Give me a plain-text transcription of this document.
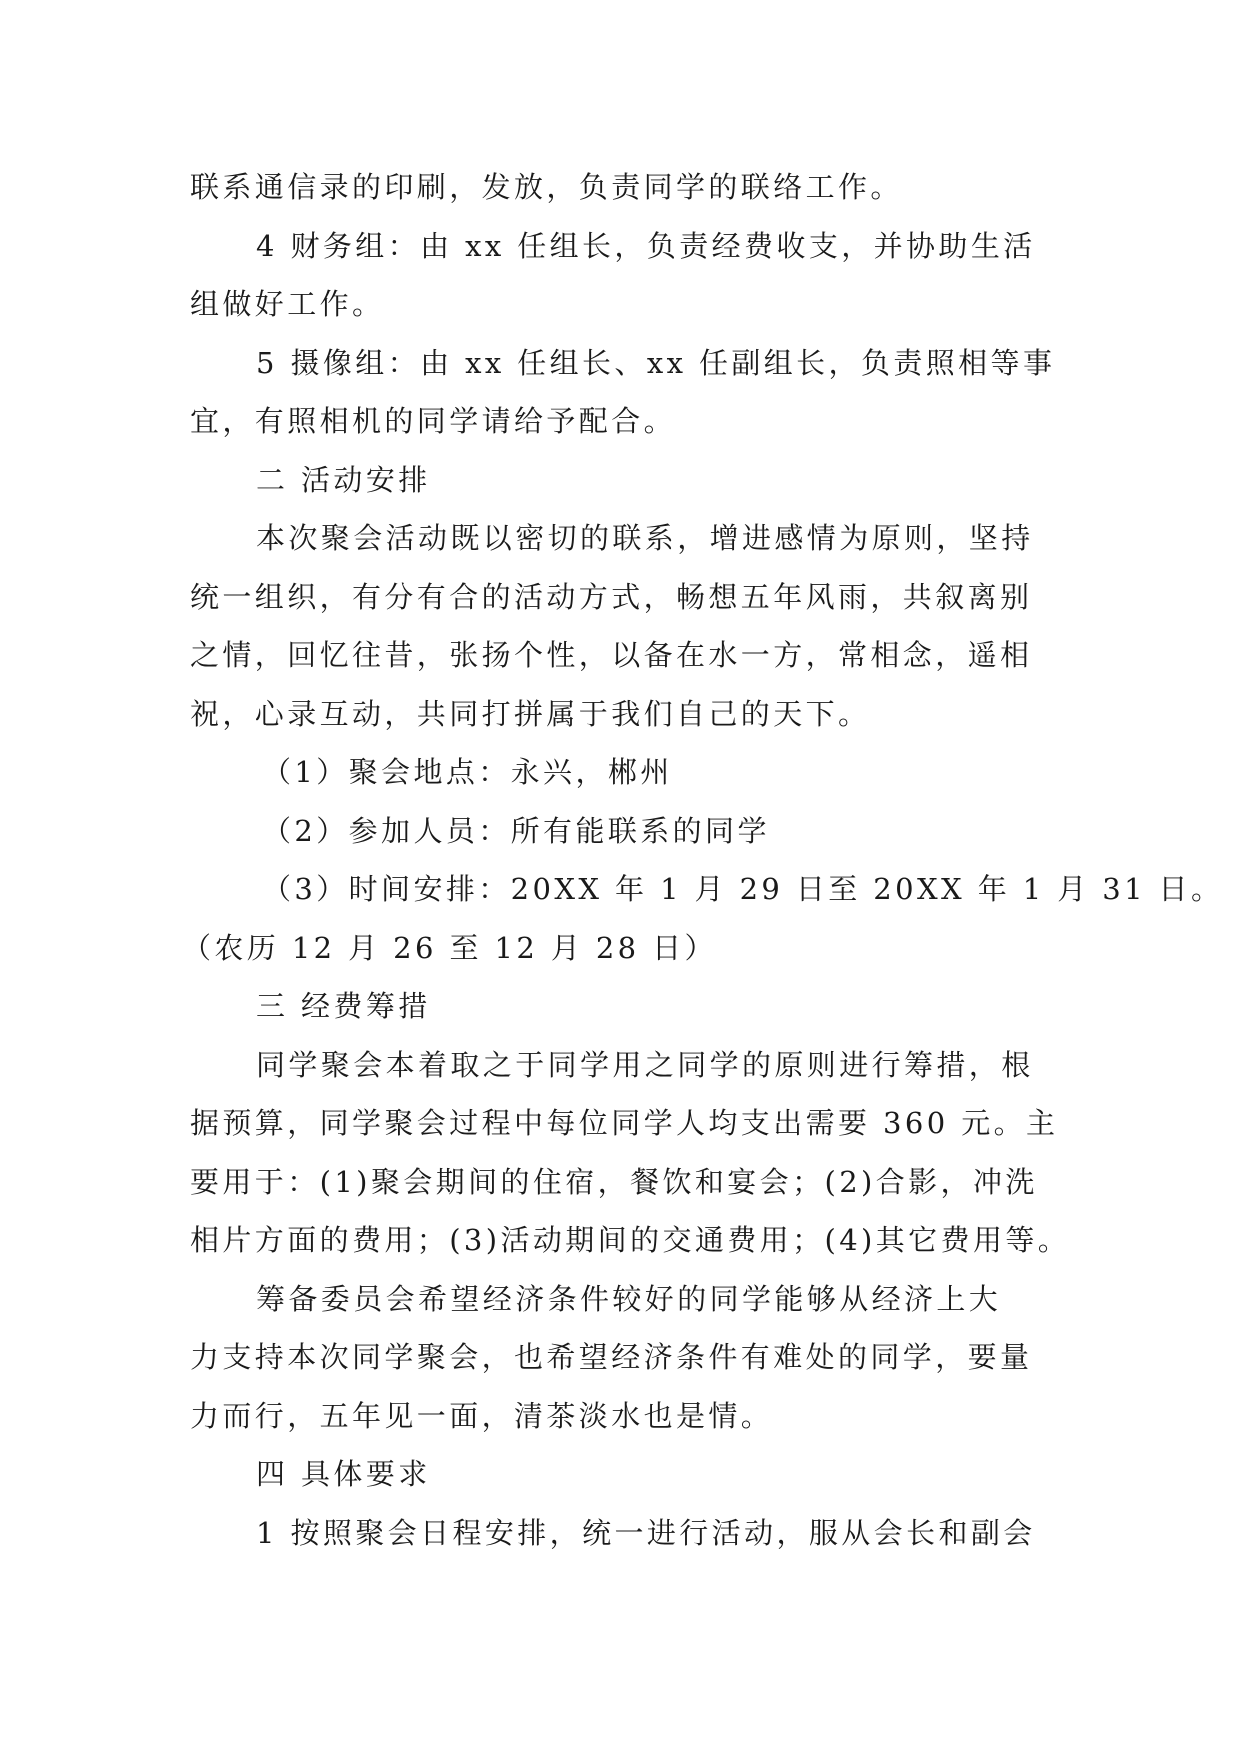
联系通信录的印刷，发放，负责同学的联络工作。
4 财务组：由 xx 任组长，负责经费收支，并协助生活
组做好工作。
5 摄像组：由 xx 任组长、xx 任副组长，负责照相等事
宜，有照相机的同学请给予配合。
二 活动安排
本次聚会活动既以密切的联系，增进感情为原则，坚持
统一组织，有分有合的活动方式，畅想五年风雨，共叙离别
之情，回忆往昔，张扬个性，以备在水一方，常相念，遥相
祝，心录互动，共同打拼属于我们自己的天下。
（1）聚会地点：永兴，郴州
（2）参加人员：所有能联系的同学
（3）时间安排：20XX 年 1 月 29 日至 20XX 年 1 月 31 日。
（农历 12 月 26 至 12 月 28 日）
三 经费筹措
同学聚会本着取之于同学用之同学的原则进行筹措，根
据预算，同学聚会过程中每位同学人均支出需要 360 元。主
要用于：(1)聚会期间的住宿，餐饮和宴会；(2)合影，冲洗
相片方面的费用；(3)活动期间的交通费用；(4)其它费用等。
筹备委员会希望经济条件较好的同学能够从经济上大
力支持本次同学聚会，也希望经济条件有难处的同学，要量
力而行，五年见一面，清茶淡水也是情。
四 具体要求
1 按照聚会日程安排，统一进行活动，服从会长和副会
